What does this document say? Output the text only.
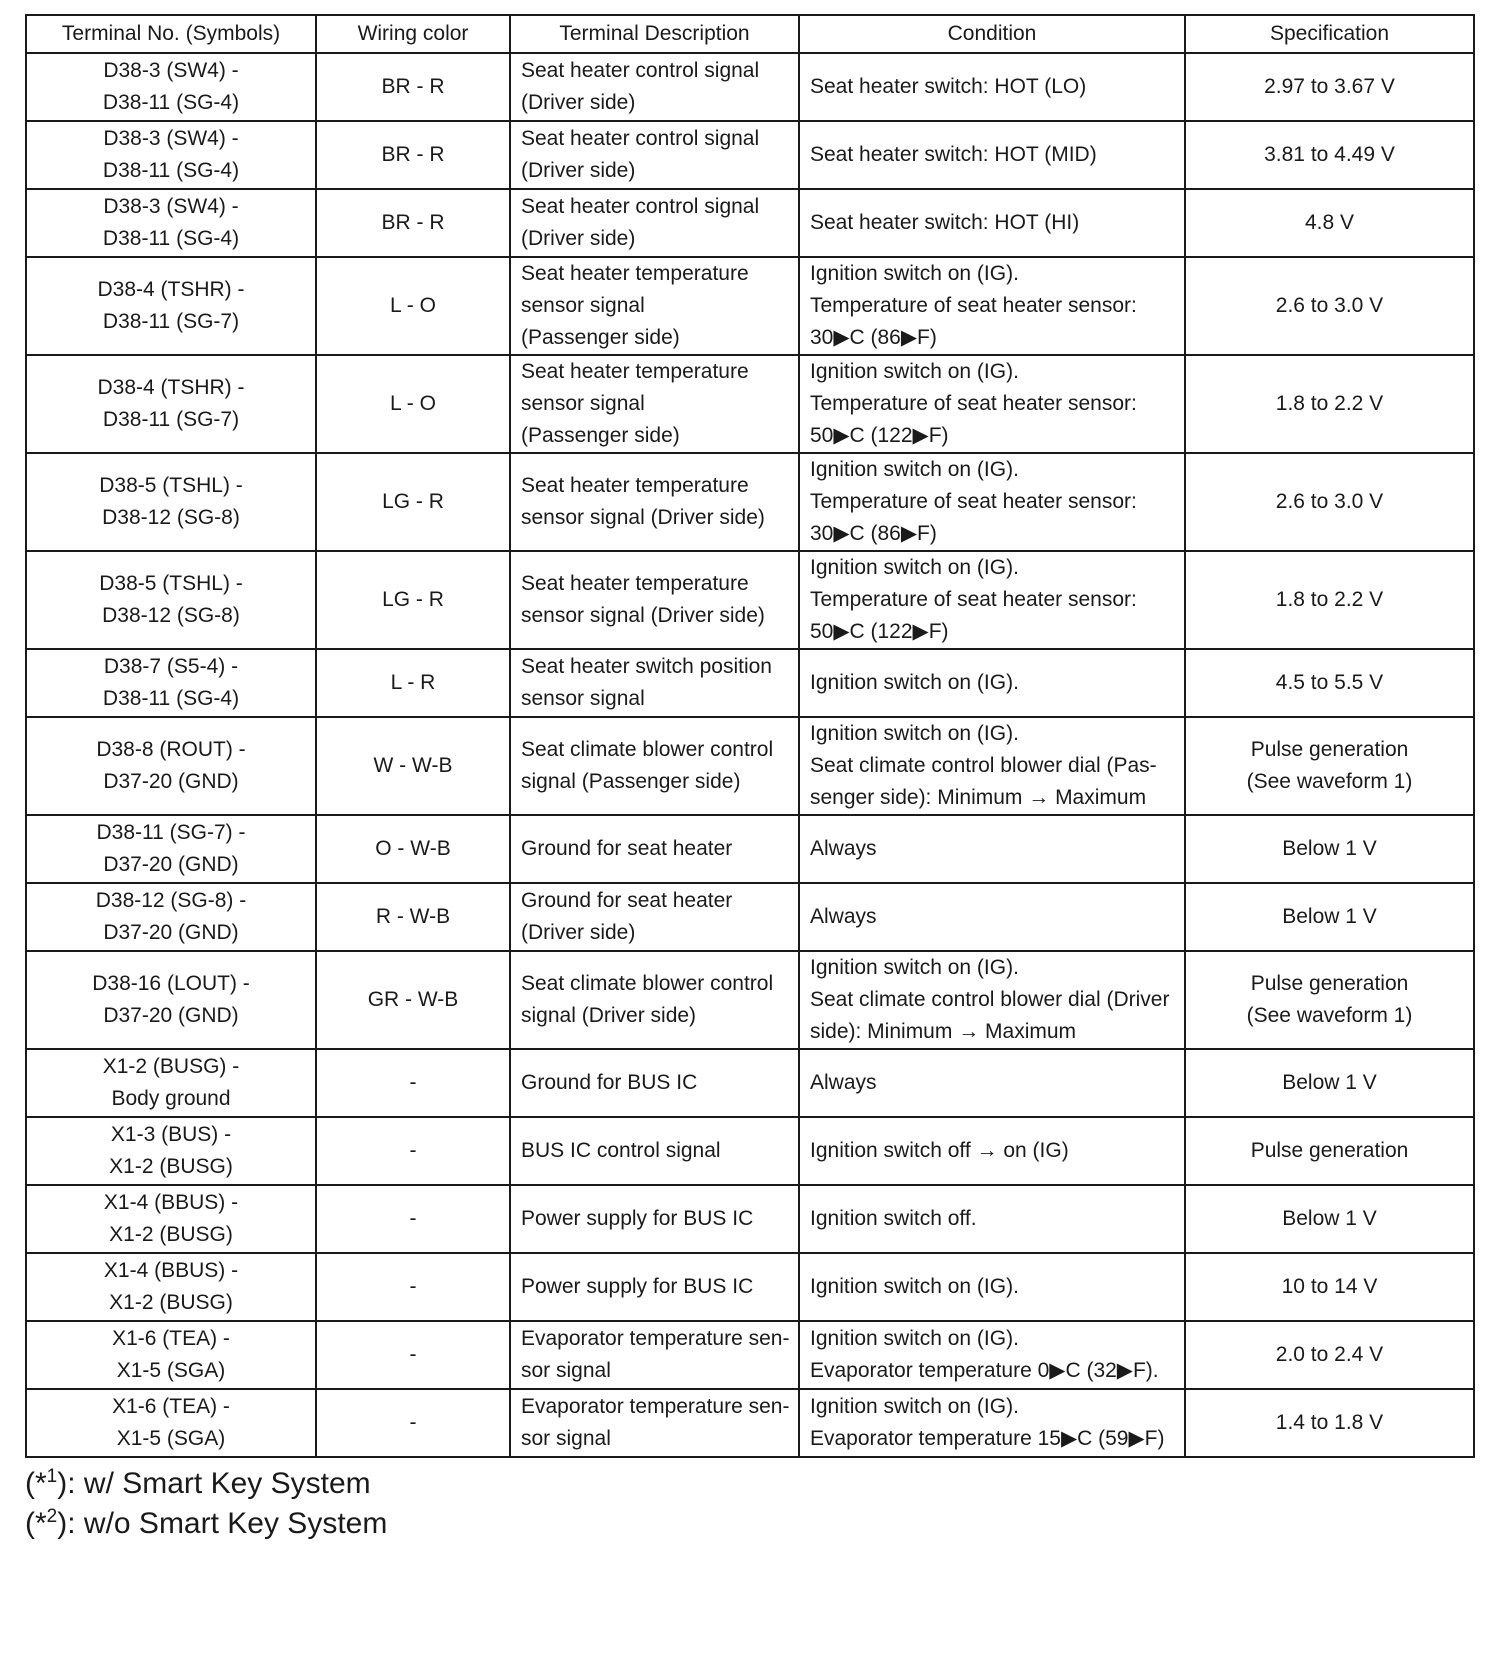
Terminal No. (Symbols)	Wiring color	Terminal Description	Condition	Specification

D38-3 (SW4) -
D38-11 (SG-4)	BR - R	Seat heater control signal
(Driver side)	Seat heater switch: HOT (LO)	2.97 to 3.67 V

D38-3 (SW4) -
D38-11 (SG-4)	BR - R	Seat heater control signal
(Driver side)	Seat heater switch: HOT (MID)	3.81 to 4.49 V

D38-3 (SW4) -
D38-11 (SG-4)	BR - R	Seat heater control signal
(Driver side)	Seat heater switch: HOT (HI)	4.8 V

D38-4 (TSHR) -
D38-11 (SG-7)	L - O	Seat heater temperature
sensor signal
(Passenger side)	Ignition switch on (IG).
Temperature of seat heater sensor:
30▶C (86▶F)	2.6 to 3.0 V

D38-4 (TSHR) -
D38-11 (SG-7)	L - O	Seat heater temperature
sensor signal
(Passenger side)	Ignition switch on (IG).
Temperature of seat heater sensor:
50▶C (122▶F)	1.8 to 2.2 V

D38-5 (TSHL) -
D38-12 (SG-8)	LG - R	Seat heater temperature
sensor signal (Driver side)	Ignition switch on (IG).
Temperature of seat heater sensor:
30▶C (86▶F)	2.6 to 3.0 V

D38-5 (TSHL) -
D38-12 (SG-8)	LG - R	Seat heater temperature
sensor signal (Driver side)	Ignition switch on (IG).
Temperature of seat heater sensor:
50▶C (122▶F)	1.8 to 2.2 V

D38-7 (S5-4) -
D38-11 (SG-4)	L - R	Seat heater switch position
sensor signal	Ignition switch on (IG).	4.5 to 5.5 V

D38-8 (ROUT) -
D37-20 (GND)	W - W-B	Seat climate blower control
signal (Passenger side)	Ignition switch on (IG).
Seat climate control blower dial (Pas-
senger side): Minimum → Maximum	Pulse generation
(See waveform 1)

D38-11 (SG-7) -
D37-20 (GND)	O - W-B	Ground for seat heater	Always	Below 1 V

D38-12 (SG-8) -
D37-20 (GND)	R - W-B	Ground for seat heater
(Driver side)	Always	Below 1 V

D38-16 (LOUT) -
D37-20 (GND)	GR - W-B	Seat climate blower control
signal (Driver side)	Ignition switch on (IG).
Seat climate control blower dial (Driver
side): Minimum → Maximum	Pulse generation
(See waveform 1)

X1-2 (BUSG) -
Body ground	-	Ground for BUS IC	Always	Below 1 V

X1-3 (BUS) -
X1-2 (BUSG)	-	BUS IC control signal	Ignition switch off → on (IG)	Pulse generation

X1-4 (BBUS) -
X1-2 (BUSG)	-	Power supply for BUS IC	Ignition switch off.	Below 1 V

X1-4 (BBUS) -
X1-2 (BUSG)	-	Power supply for BUS IC	Ignition switch on (IG).	10 to 14 V

X1-6 (TEA) -
X1-5 (SGA)	-	Evaporator temperature sen-
sor signal	Ignition switch on (IG).
Evaporator temperature 0▶C (32▶F).	2.0 to 2.4 V

X1-6 (TEA) -
X1-5 (SGA)	-	Evaporator temperature sen-
sor signal	Ignition switch on (IG).
Evaporator temperature 15▶C (59▶F)	1.4 to 1.8 V
(*$^1$): w/ Smart Key System
(*$^2$): w/o Smart Key System
